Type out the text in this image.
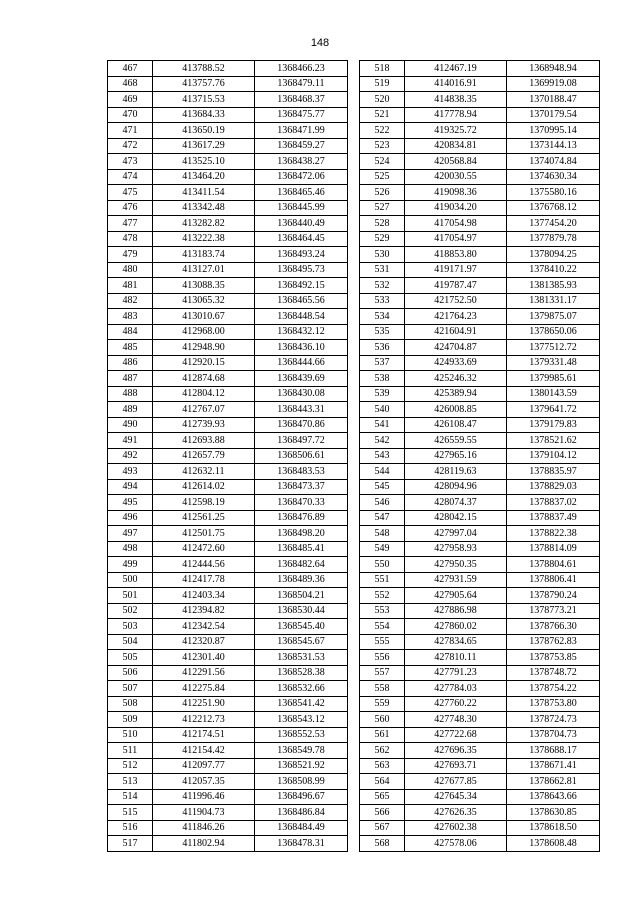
148
467	413788.52	1368466.23
468	413757.76	1368479.11
469	413715.53	1368468.37
470	413684.33	1368475.77
471	413650.19	1368471.99
472	413617.29	1368459.27
473	413525.10	1368438.27
474	413464.20	1368472.06
475	413411.54	1368465.46
476	413342.48	1368445.99
477	413282.82	1368440.49
478	413222.38	1368464.45
479	413183.74	1368493.24
480	413127.01	1368495.73
481	413088.35	1368492.15
482	413065.32	1368465.56
483	413010.67	1368448.54
484	412968.00	1368432.12
485	412948.90	1368436.10
486	412920.15	1368444.66
487	412874.68	1368439.69
488	412804.12	1368430.08
489	412767.07	1368443.31
490	412739.93	1368470.86
491	412693.88	1368497.72
492	412657.79	1368506.61
493	412632.11	1368483.53
494	412614.02	1368473.37
495	412598.19	1368470.33
496	412561.25	1368476.89
497	412501.75	1368498.20
498	412472.60	1368485.41
499	412444.56	1368482.64
500	412417.78	1368489.36
501	412403.34	1368504.21
502	412394.82	1368530.44
503	412342.54	1368545.40
504	412320.87	1368545.67
505	412301.40	1368531.53
506	412291.56	1368528.38
507	412275.84	1368532.66
508	412251.90	1368541.42
509	412212.73	1368543.12
510	412174.51	1368552.53
511	412154.42	1368549.78
512	412097.77	1368521.92
513	412057.35	1368508.99
514	411996.46	1368496.67
515	411904.73	1368486.84
516	411846.26	1368484.49
517	411802.94	1368478.31
518	412467.19	1368948.94
519	414016.91	1369919.08
520	414838.35	1370188.47
521	417778.94	1370179.54
522	419325.72	1370995.14
523	420834.81	1373144.13
524	420568.84	1374074.84
525	420030.55	1374630.34
526	419098.36	1375580.16
527	419034.20	1376768.12
528	417054.98	1377454.20
529	417054.97	1377879.78
530	418853.80	1378094.25
531	419171.97	1378410.22
532	419787.47	1381385.93
533	421752.50	1381331.17
534	421764.23	1379875.07
535	421604.91	1378650.06
536	424704.87	1377512.72
537	424933.69	1379331.48
538	425246.32	1379985.61
539	425389.94	1380143.59
540	426008.85	1379641.72
541	426108.47	1379179.83
542	426559.55	1378521.62
543	427965.16	1379104.12
544	428119.63	1378835.97
545	428094.96	1378829.03
546	428074.37	1378837.02
547	428042.15	1378837.49
548	427997.04	1378822.38
549	427958.93	1378814.09
550	427950.35	1378804.61
551	427931.59	1378806.41
552	427905.64	1378790.24
553	427886.98	1378773.21
554	427860.02	1378766.30
555	427834.65	1378762.83
556	427810.11	1378753.85
557	427791.23	1378748.72
558	427784.03	1378754.22
559	427760.22	1378753.80
560	427748.30	1378724.73
561	427722.68	1378704.73
562	427696.35	1378688.17
563	427693.71	1378671.41
564	427677.85	1378662.81
565	427645.34	1378643.66
566	427626.35	1378630.85
567	427602.38	1378618.50
568	427578.06	1378608.48
